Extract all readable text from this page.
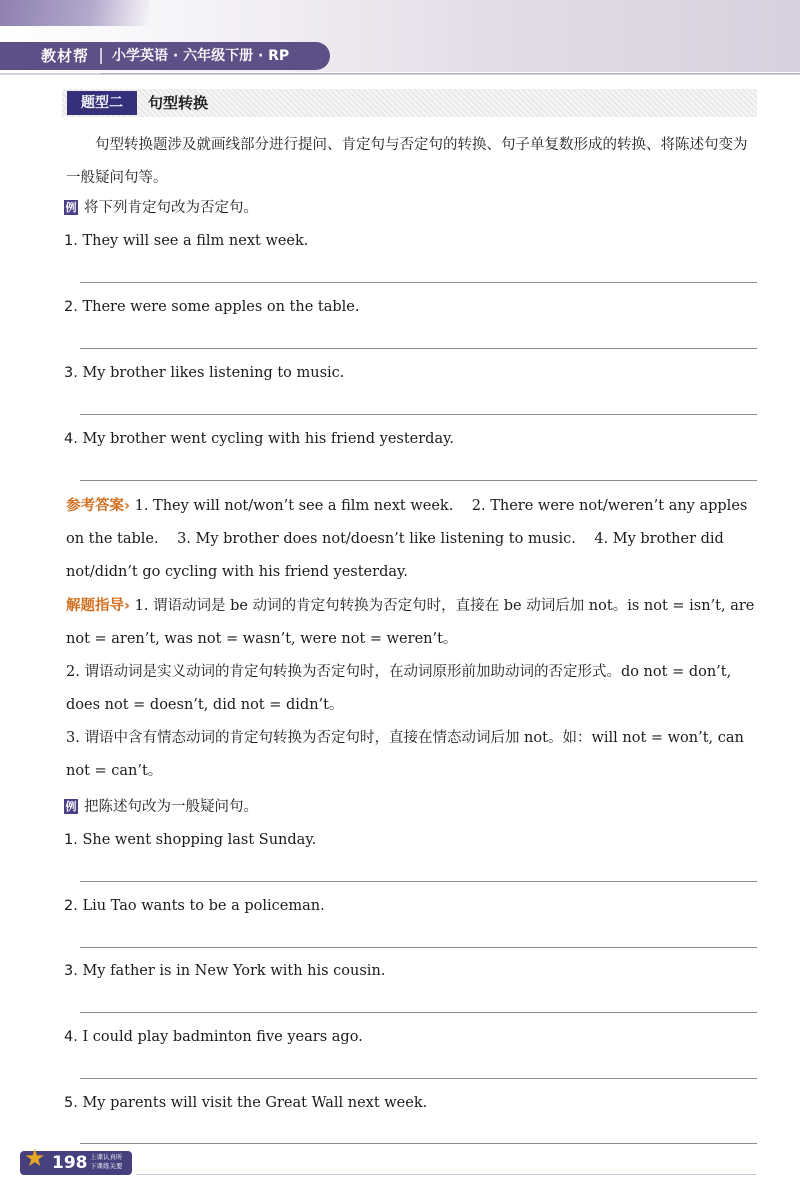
教材帮	小学英语 · 六年级下册 · RP
题型二	句型转换
句型转换题涉及就画线部分进行提问、肯定句与否定句的转换、句子单复数形成的转换、将陈述句变为一般疑问句等。
例 将下列肯定句改为否定句。
1. They will see a film next week.
2. There were some apples on the table.
3. My brother likes listening to music.
4. My brother went cycling with his friend yesterday.
参考答案› 1. They will not/won’t see a film next week. 2. There were not/weren’t any apples on the table. 3. My brother does not/doesn’t like listening to music. 4. My brother did not/didn’t go cycling with his friend yesterday.
解题指导› 1. 谓语动词是 be 动词的肯定句转换为否定句时，直接在 be 动词后加 not。is not = isn’t, are not = aren’t, was not = wasn’t, were not = weren’t。
2. 谓语动词是实义动词的肯定句转换为否定句时，在动词原形前加助动词的否定形式。do not = don’t, does not = doesn’t, did not = didn’t。
3. 谓语中含有情态动词的肯定句转换为否定句时，直接在情态动词后加 not。如：will not = won’t, can not = can’t。
例 把陈述句改为一般疑问句。
1. She went shopping last Sunday.
2. Liu Tao wants to be a policeman.
3. My father is in New York with his cousin.
4. I could play badminton five years ago.
5. My parents will visit the Great Wall next week.
★ 198 上课认真听 下课练关要
